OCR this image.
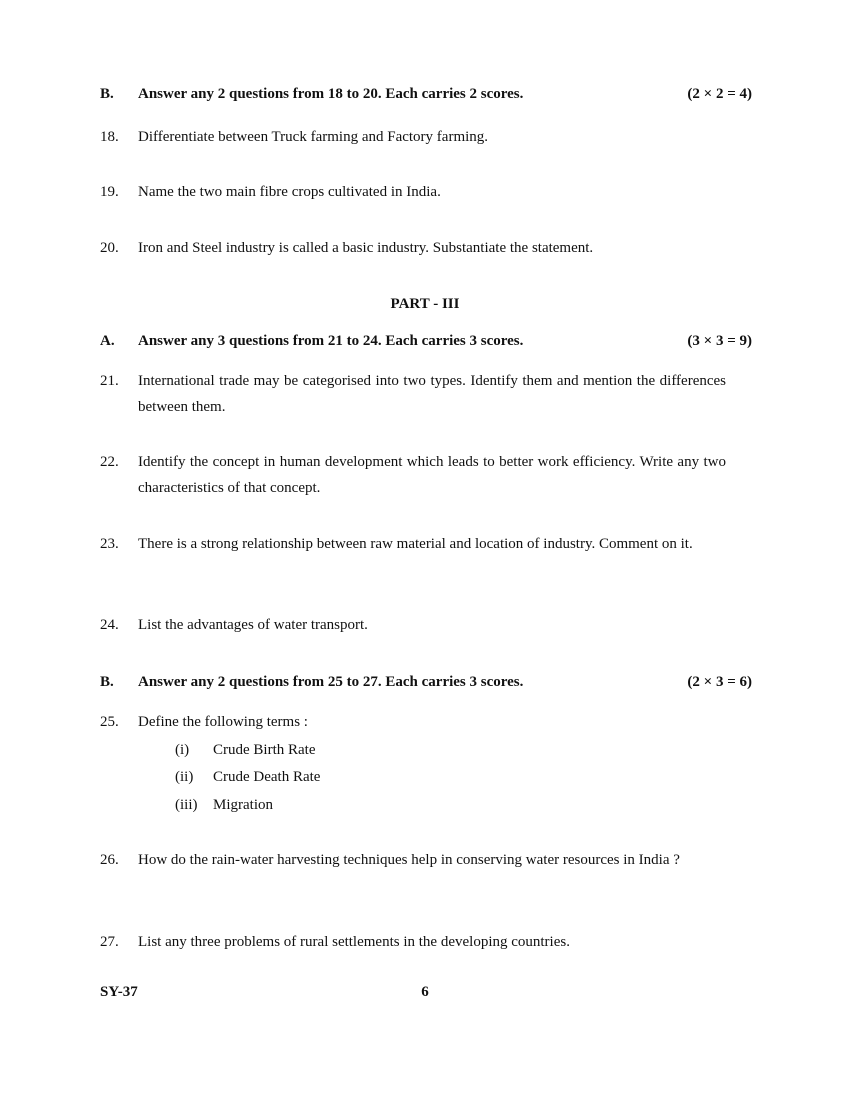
B.	Answer any 2 questions from 18 to 20. Each carries 2 scores.	(2 × 2 = 4)
18.	Differentiate between Truck farming and Factory farming.
19.	Name the two main fibre crops cultivated in India.
20.	Iron and Steel industry is called a basic industry. Substantiate the statement.
PART - III
A.	Answer any 3 questions from 21 to 24. Each carries 3 scores.	(3 × 3 = 9)
21.	International trade may be categorised into two types. Identify them and mention the differences between them.
22.	Identify the concept in human development which leads to better work efficiency. Write any two characteristics of that concept.
23.	There is a strong relationship between raw material and location of industry. Comment on it.
24.	List the advantages of water transport.
B.	Answer any 2 questions from 25 to 27. Each carries 3 scores.	(2 × 3 = 6)
25.	Define the following terms :
(i) Crude Birth Rate
(ii) Crude Death Rate
(iii) Migration
26.	How do the rain-water harvesting techniques help in conserving water resources in India ?
27.	List any three problems of rural settlements in the developing countries.
SY-37	6
